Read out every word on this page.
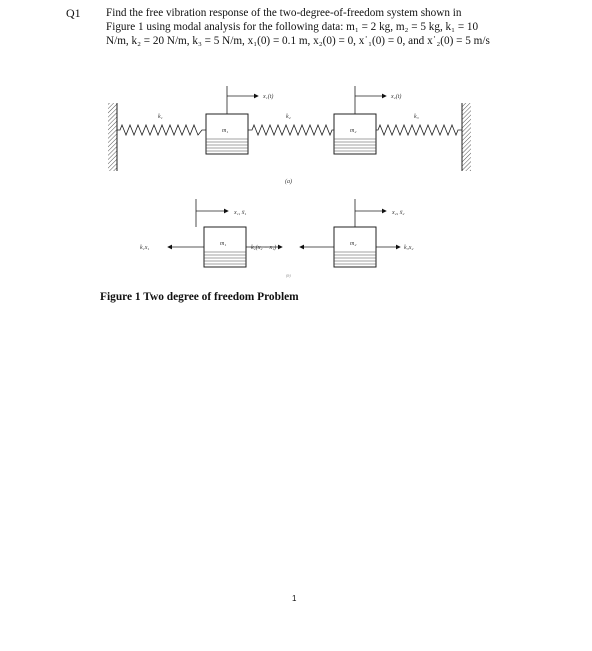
Q1 Find the free vibration response of the two-degree-of-freedom system shown in
Figure 1 using modal analysis for the following data: m₁ = 2 kg, m₂ = 5 kg, k₁ = 10
N/m, k₂ = 20 N/m, k₃ = 5 N/m, x₁(0) = 0.1 m, x₂(0) = 0, x˙₁(0) = 0, and x˙₂(0) = 5 m/s
x₁(t)	x₂(t)
k₁	k₂	k₃
m₁	m₂
(a)
x₁, ẍ₁	x₂, ẍ₂
k₁x₁	k₂(x₂ − x₁)	k₃x₂
m₁	m₂
(b)
Figure 1 Two degree of freedom Problem
1
